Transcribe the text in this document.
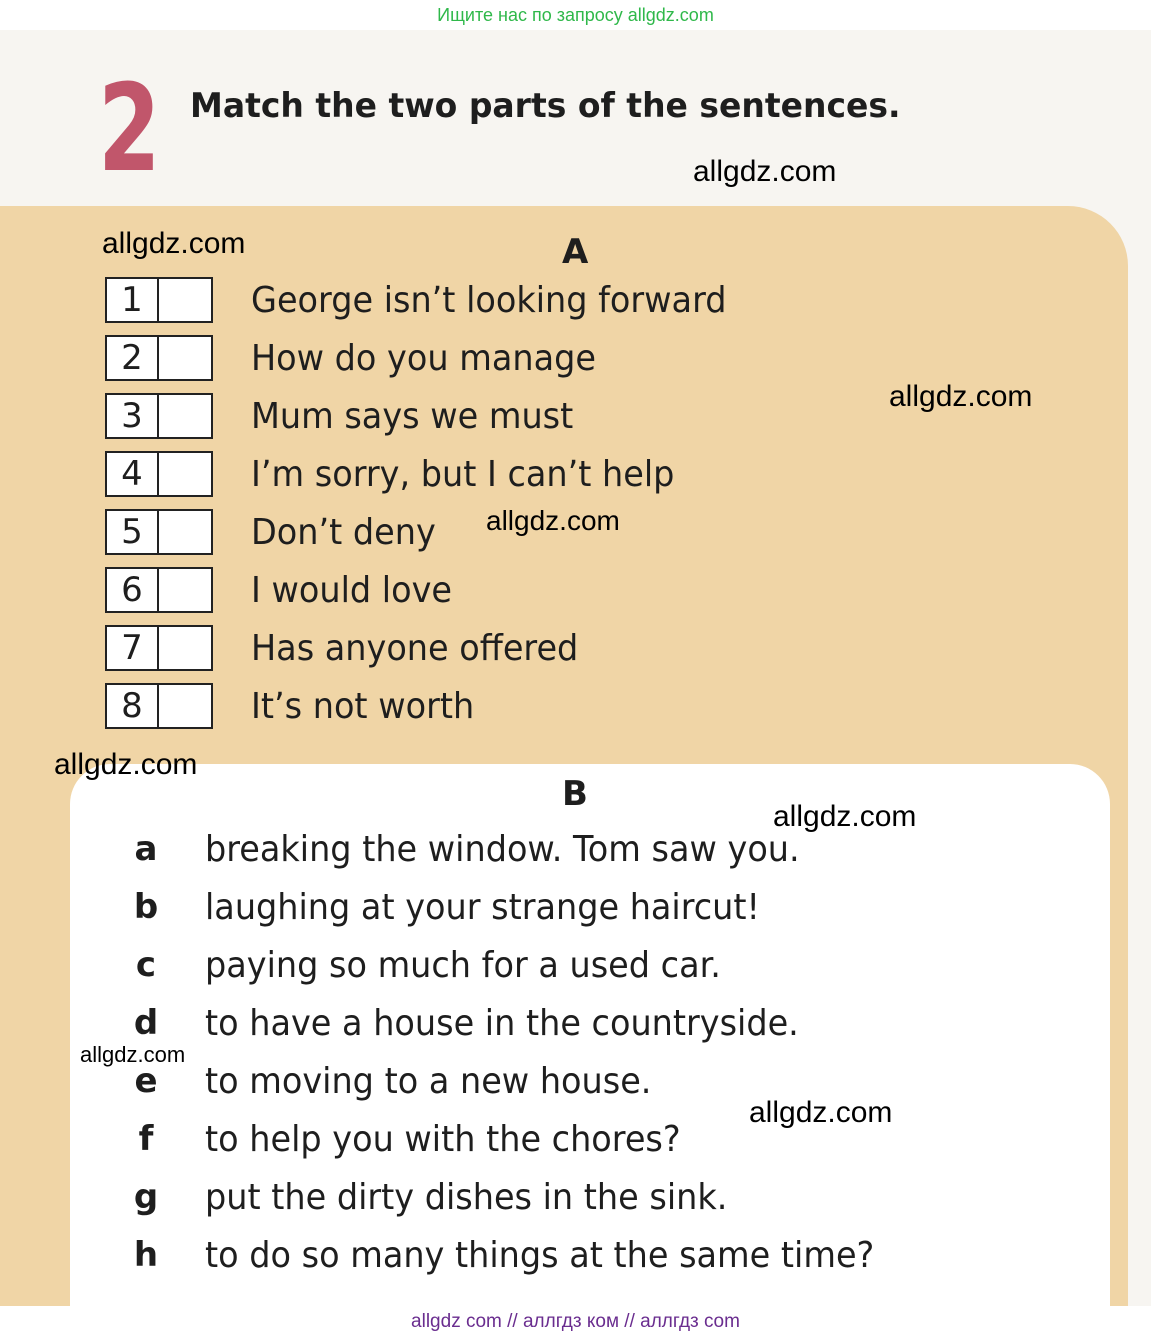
Ищите нас по запросу allgdz.com
2 Match the two parts of the sentences.
A
1	George isn’t looking forward
2	How do you manage
3	Mum says we must
4	I’m sorry, but I can’t help
5	Don’t deny
6	I would love
7	Has anyone offered
8	It’s not worth
B
a breaking the window. Tom saw you.
b laughing at your strange haircut!
c paying so much for a used car.
d to have a house in the countryside.
e to moving to a new house.
f to help you with the chores?
g put the dirty dishes in the sink.
h to do so many things at the same time?
allgdz.com
allgdz.com
allgdz.com
allgdz.com
allgdz.com
allgdz.com
allgdz.com
allgdz.com
allgdz com // аллгдз ком // аллгдз com
